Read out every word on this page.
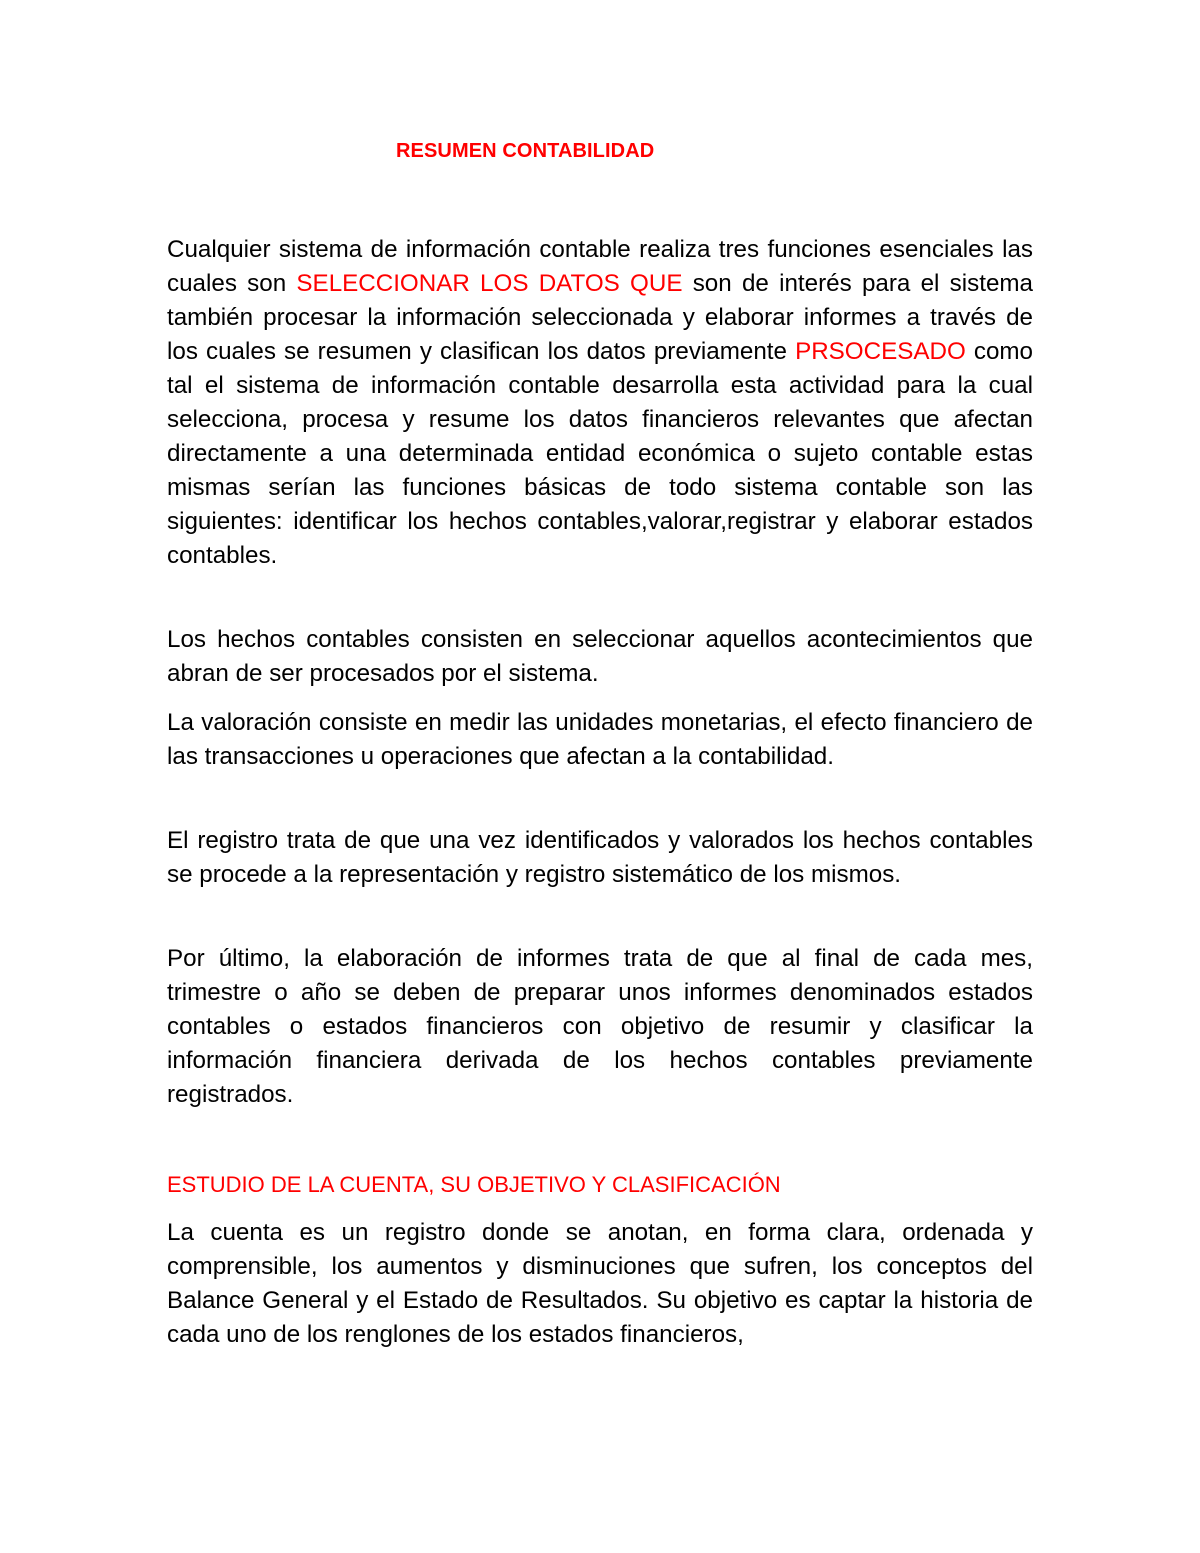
RESUMEN CONTABILIDAD

Cualquier sistema de información contable realiza tres funciones esenciales las cuales son SELECCIONAR LOS DATOS QUE son de interés para el sistema también procesar la información seleccionada y elaborar informes a través de los cuales se resumen y clasifican los datos previamente PRSOCESADO como tal el sistema de información contable desarrolla esta actividad para la cual selecciona, procesa y resume los datos financieros relevantes que afectan directamente a una determinada entidad económica o sujeto contable estas mismas serían las funciones básicas de todo sistema contable son las siguientes: identificar los hechos contables,valorar,registrar y elaborar estados contables.

Los hechos contables consisten en seleccionar aquellos acontecimientos que abran de ser procesados por el sistema.

La valoración consiste en medir las unidades monetarias, el efecto financiero de las transacciones u operaciones que afectan a la contabilidad.

El registro trata de que una vez identificados y valorados los hechos contables se procede a la representación y registro sistemático de los mismos.

Por último, la elaboración de informes trata de que al final de cada mes, trimestre o año se deben de preparar unos informes denominados estados contables o estados financieros con objetivo de resumir y clasificar la información financiera derivada de los hechos contables previamente registrados.

ESTUDIO DE LA CUENTA, SU OBJETIVO Y CLASIFICACIÓN

La cuenta es un registro donde se anotan, en forma clara, ordenada y comprensible, los aumentos y disminuciones que sufren, los conceptos del Balance General y el Estado de Resultados. Su objetivo es captar la historia de cada uno de los renglones de los estados financieros,
